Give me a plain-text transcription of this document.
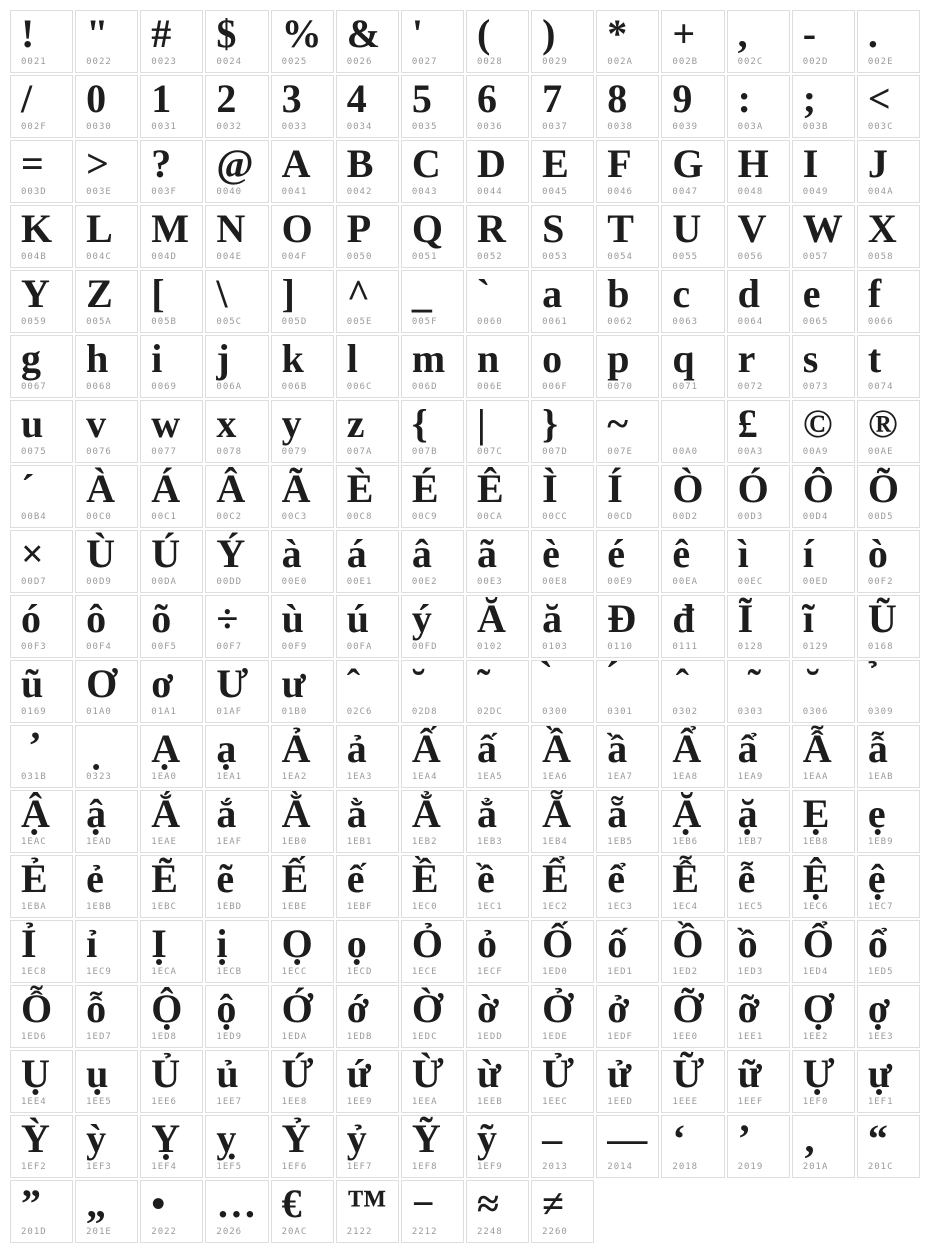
!
0021
"
0022
#
0023
$
0024
%
0025
&
0026
'
0027
(
0028
)
0029
*
002A
+
002B
,
002C
-
002D
.
002E
/
002F
0
0030
1
0031
2
0032
3
0033
4
0034
5
0035
6
0036
7
0037
8
0038
9
0039
:
003A
;
003B
<
003C
=
003D
>
003E
?
003F
@
0040
A
0041
B
0042
C
0043
D
0044
E
0045
F
0046
G
0047
H
0048
I
0049
J
004A
K
004B
L
004C
M
004D
N
004E
O
004F
P
0050
Q
0051
R
0052
S
0053
T
0054
U
0055
V
0056
W
0057
X
0058
Y
0059
Z
005A
[
005B
\
005C
]
005D
^
005E
_
005F
`
0060
a
0061
b
0062
c
0063
d
0064
e
0065
f
0066
g
0067
h
0068
i
0069
j
006A
k
006B
l
006C
m
006D
n
006E
o
006F
p
0070
q
0071
r
0072
s
0073
t
0074
u
0075
v
0076
w
0077
x
0078
y
0079
z
007A
{
007B
|
007C
}
007D
~
007E
	00A0
£
00A3
©
00A9
®
00AE
´
00B4
À
00C0
Á
00C1
Â
00C2
Ã
00C3
È
00C8
É
00C9
Ê
00CA
Ì
00CC
Í
00CD
Ò
00D2
Ó
00D3
Ô
00D4
Õ
00D5
×
00D7
Ù
00D9
Ú
00DA
Ý
00DD
à
00E0
á
00E1
â
00E2
ã
00E3
è
00E8
é
00E9
ê
00EA
ì
00EC
í
00ED
ò
00F2
ó
00F3
ô
00F4
õ
00F5
÷
00F7
ù
00F9
ú
00FA
ý
00FD
Ă
0102
ă
0103
Đ
0110
đ
0111
Ĩ
0128
ĩ
0129
Ũ
0168
ũ
0169
Ơ
01A0
ơ
01A1
Ư
01AF
ư
01B0
ˆ
02C6
˘
02D8
˜
02DC
̀
0300
́
0301
̂
0302
̃
0303
̆
0306
̉
0309
̛
031B
̣
0323
Ạ
1EA0
ạ
1EA1
Ả
1EA2
ả
1EA3
Ấ
1EA4
ấ
1EA5
Ầ
1EA6
ầ
1EA7
Ẩ
1EA8
ẩ
1EA9
Ẫ
1EAA
ẫ
1EAB
Ậ
1EAC
ậ
1EAD
Ắ
1EAE
ắ
1EAF
Ằ
1EB0
ằ
1EB1
Ẳ
1EB2
ẳ
1EB3
Ẵ
1EB4
ẵ
1EB5
Ặ
1EB6
ặ
1EB7
Ẹ
1EB8
ẹ
1EB9
Ẻ
1EBA
ẻ
1EBB
Ẽ
1EBC
ẽ
1EBD
Ế
1EBE
ế
1EBF
Ề
1EC0
ề
1EC1
Ể
1EC2
ể
1EC3
Ễ
1EC4
ễ
1EC5
Ệ
1EC6
ệ
1EC7
Ỉ
1EC8
ỉ
1EC9
Ị
1ECA
ị
1ECB
Ọ
1ECC
ọ
1ECD
Ỏ
1ECE
ỏ
1ECF
Ố
1ED0
ố
1ED1
Ồ
1ED2
ồ
1ED3
Ổ
1ED4
ổ
1ED5
Ỗ
1ED6
ỗ
1ED7
Ộ
1ED8
ộ
1ED9
Ớ
1EDA
ớ
1EDB
Ờ
1EDC
ờ
1EDD
Ở
1EDE
ở
1EDF
Ỡ
1EE0
ỡ
1EE1
Ợ
1EE2
ợ
1EE3
Ụ
1EE4
ụ
1EE5
Ủ
1EE6
ủ
1EE7
Ứ
1EE8
ứ
1EE9
Ừ
1EEA
ừ
1EEB
Ử
1EEC
ử
1EED
Ữ
1EEE
ữ
1EEF
Ự
1EF0
ự
1EF1
Ỳ
1EF2
ỳ
1EF3
Ỵ
1EF4
ỵ
1EF5
Ỷ
1EF6
ỷ
1EF7
Ỹ
1EF8
ỹ
1EF9
–
2013
—
2014
‘
2018
’
2019
‚
201A
“
201C
”
201D
„
201E
•
2022
…
2026
€
20AC
™
2122
−
2212
≈
2248
≠
2260
